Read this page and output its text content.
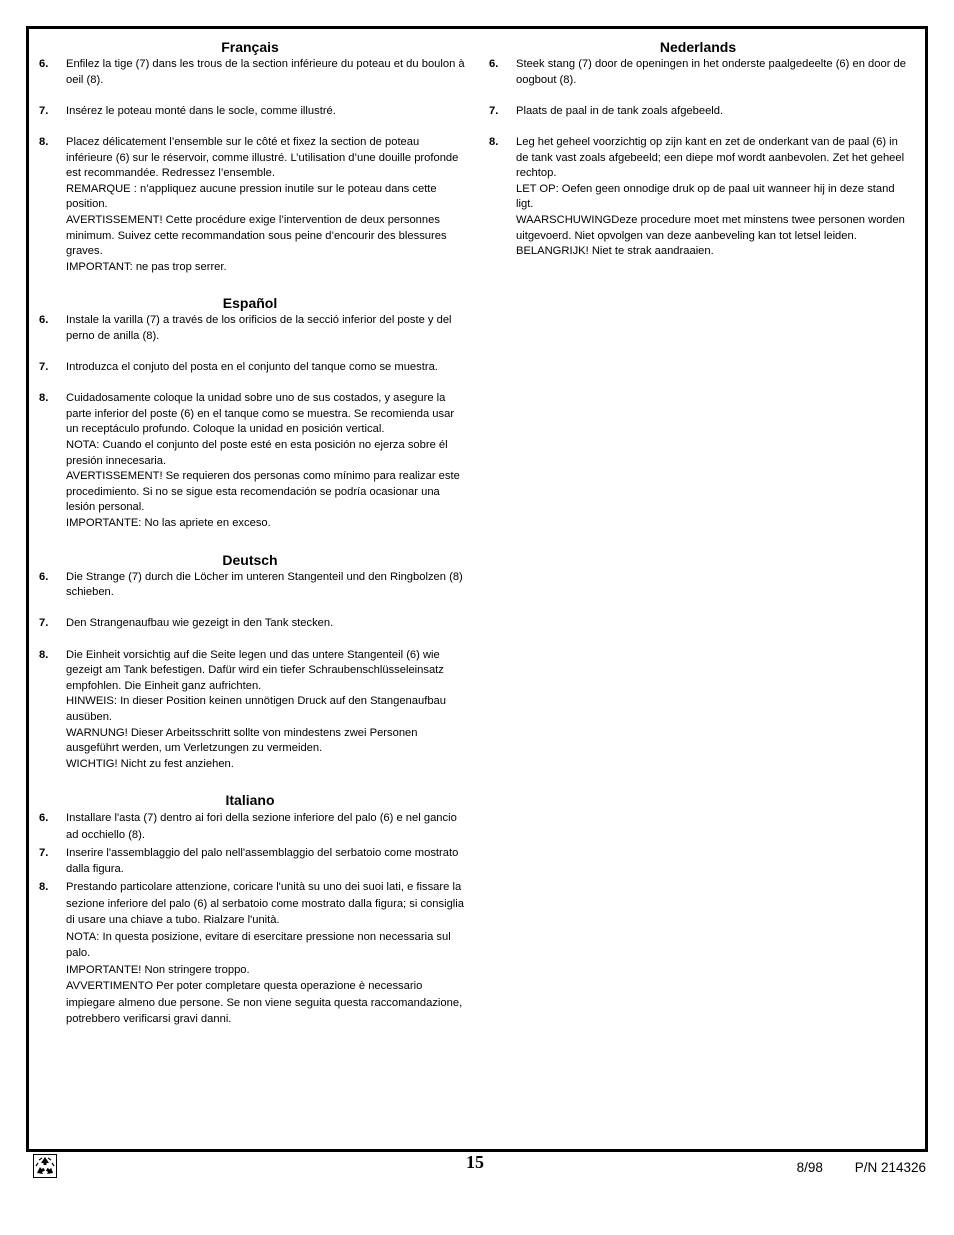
Français
6.	Enfilez la tige (7) dans les trous de la section inférieure du poteau et du boulon à oeil (8).

7.	Insérez le poteau monté dans le socle, comme illustré.

8.	Placez délicatement l’ensemble sur le côté et fixez la section de poteau inférieure (6) sur le réservoir, comme illustré. L’utilisation d’une douille profonde est recommandée. Redressez l’ensemble.

REMARQUE : n’appliquez aucune pression inutile sur le poteau dans cette position.

AVERTISSEMENT! Cette procédure exige l’intervention de deux personnes minimum. Suivez cette recommandation sous peine d’encourir des blessures graves.

IMPORTANT: ne pas trop serrer.

Español
6.	Instale la varilla (7) a través de los orificios de la secció inferior del poste y del perno de anilla (8).

7.	Introduzca el conjuto del posta en el conjunto del tanque como se muestra.

8.	Cuidadosamente coloque la unidad sobre uno de sus costados, y asegure la parte inferior del poste (6) en el tanque como se muestra. Se recomienda usar un receptáculo profundo. Coloque la unidad en posición vertical.

NOTA: Cuando el conjunto del poste esté en esta posición no ejerza sobre él presión innecesaria.

AVERTISSEMENT! Se requieren dos personas como mínimo para realizar este procedimiento. Si no se sigue esta recomendación se podría ocasionar una lesión personal.

IMPORTANTE: No las apriete en exceso.

Deutsch
6.	Die Strange (7) durch die Löcher im unteren Stangenteil und den Ringbolzen (8) schieben.

7.	Den Strangenaufbau wie gezeigt in den Tank stecken.

8.	Die Einheit vorsichtig auf die Seite legen und das untere Stangenteil (6) wie gezeigt am Tank befestigen. Dafür wird ein tiefer Schraubenschlüsseleinsatz empfohlen. Die Einheit ganz aufrichten.

HINWEIS: In dieser Position keinen unnötigen Druck auf den Stangenaufbau ausüben.

WARNUNG! Dieser Arbeitsschritt sollte von mindestens zwei Personen ausgeführt werden, um Verletzungen zu vermeiden.

WICHTIG! Nicht zu fest anziehen.

Italiano
6.	Installare l'asta (7) dentro ai fori della sezione inferiore del palo (6) e nel gancio ad occhiello (8).

7.	Inserire l'assemblaggio del palo nell'assemblaggio del serbatoio come mostrato dalla figura.

8.	Prestando particolare attenzione, coricare l'unità su uno dei suoi lati, e fissare la sezione inferiore del palo (6) al serbatoio come mostrato dalla figura; si consiglia di usare una chiave a tubo. Rialzare l'unità.

NOTA: In questa posizione, evitare di esercitare pressione non necessaria sul palo.

IMPORTANTE! Non stringere troppo.

AVVERTIMENTO Per poter completare questa operazione è necessario impiegare almeno due persone. Se non viene seguita questa raccomandazione, potrebbero verificarsi gravi danni.

Nederlands
6.	Steek stang (7) door de openingen in het onderste paalgedeelte (6) en door de oogbout (8).

7.	Plaats de paal in de tank zoals afgebeeld.

8.	Leg het geheel voorzichtig op zijn kant en zet de onderkant van de paal (6) in de tank vast zoals afgebeeld; een diepe mof wordt aanbevolen. Zet het geheel rechtop.

LET OP: Oefen geen onnodige druk op de paal uit wanneer hij in deze stand ligt.

WAARSCHUWINGDeze procedure moet met minstens twee personen worden uitgevoerd. Niet opvolgen van deze aanbeveling kan tot letsel leiden.

BELANGRIJK! Niet te strak aandraaien.

15	8/98 P/N 214326
